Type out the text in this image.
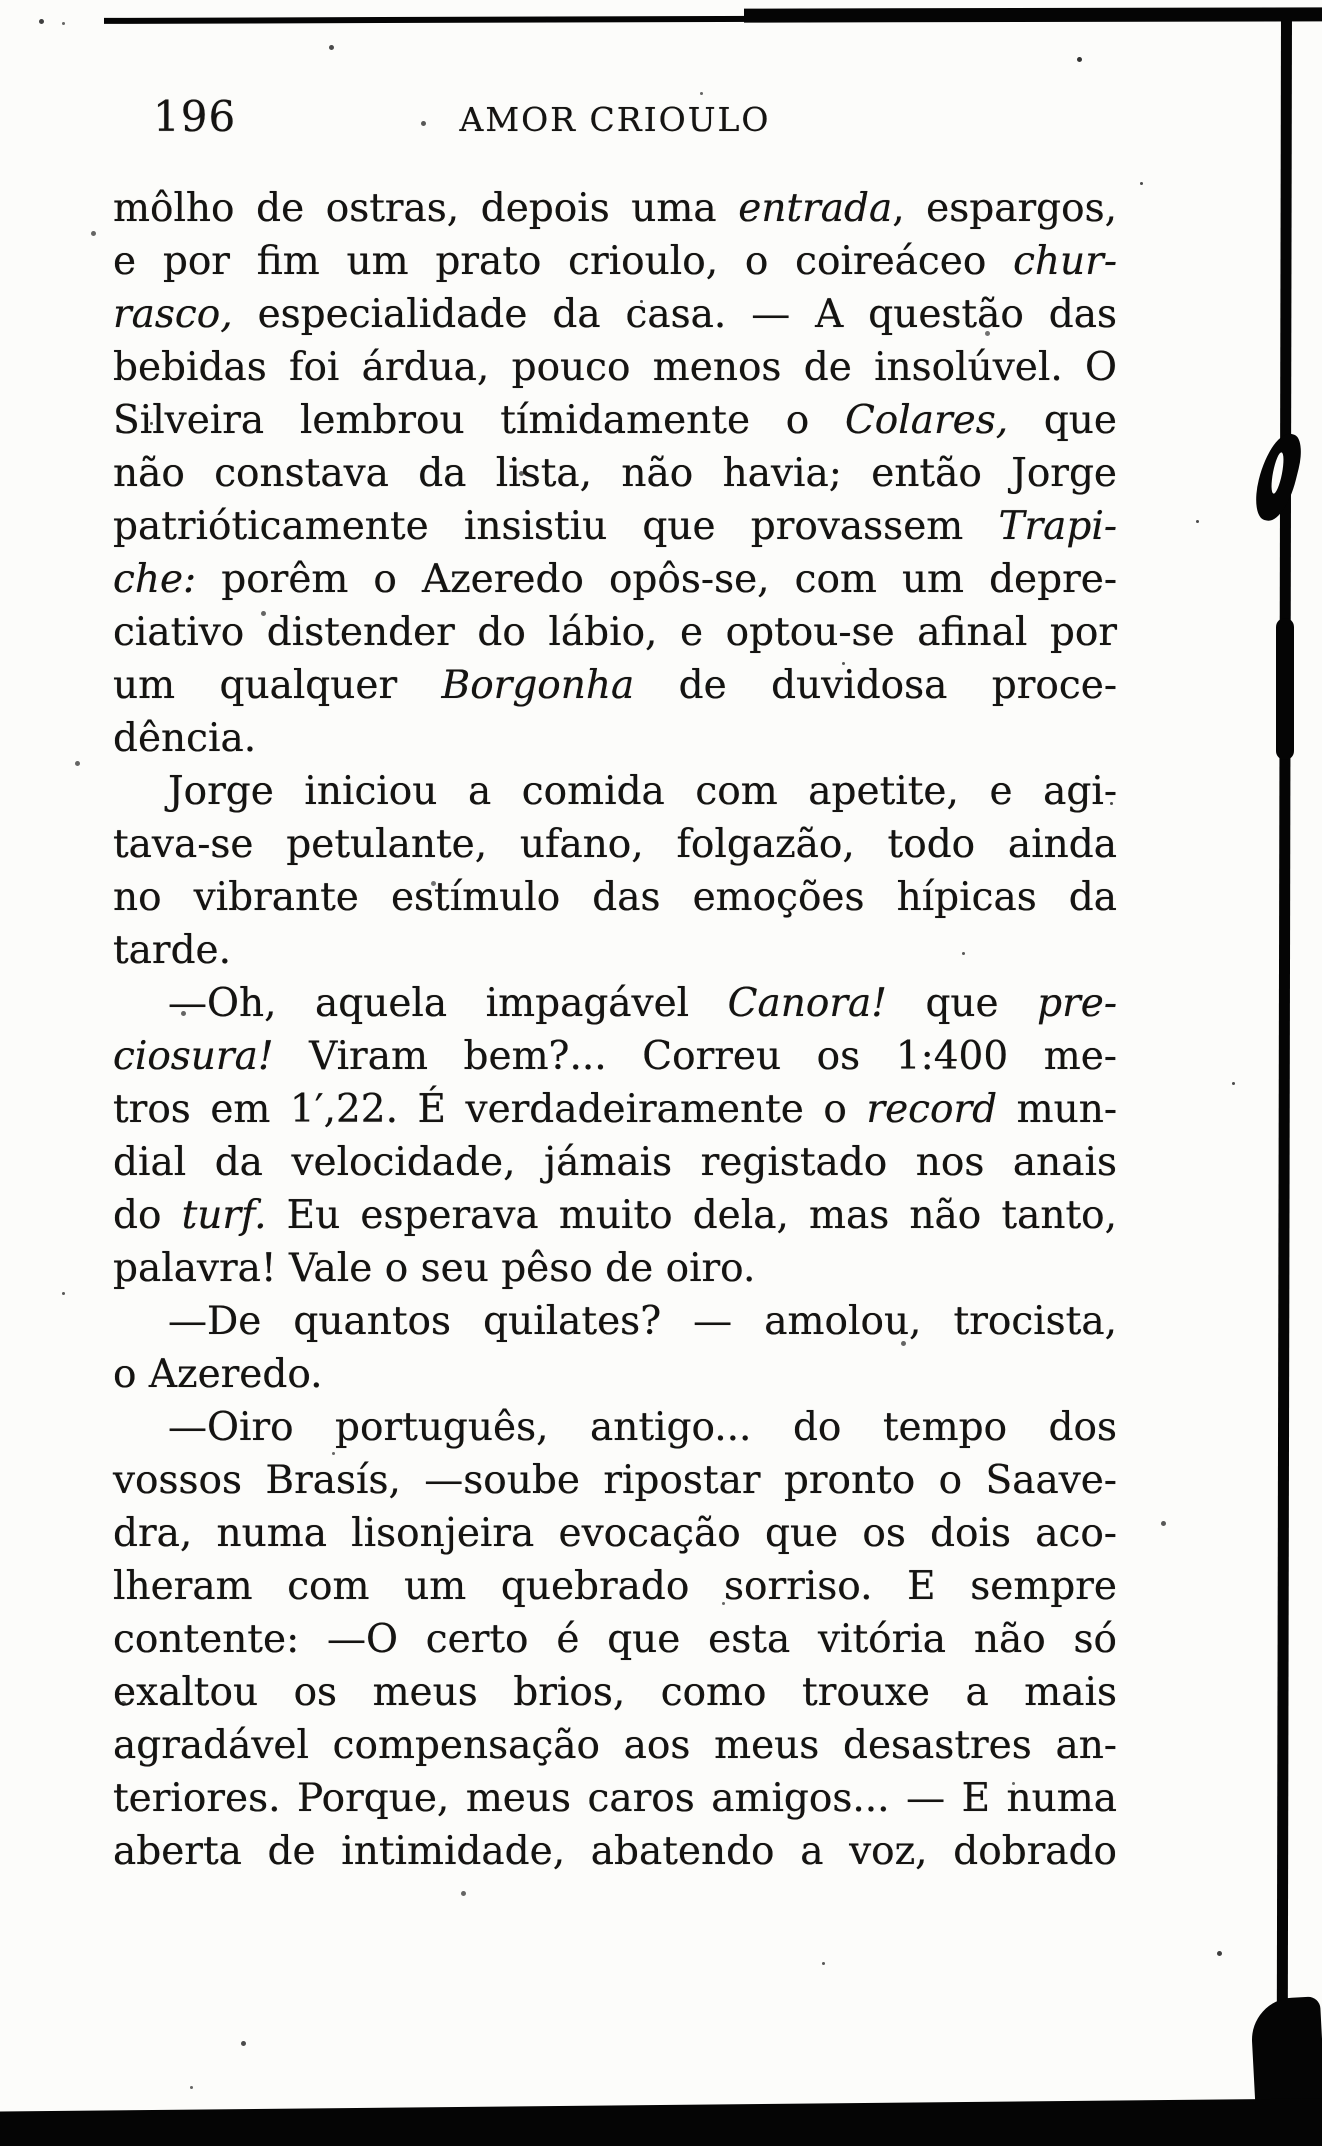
196	AMOR CRIOULO
môlho de ostras, depois uma entrada, espargos,
e por fim um prato crioulo, o coireáceo chur-
rasco, especialidade da casa. — A questão das
bebidas foi árdua, pouco menos de insolúvel. O
Silveira lembrou tímidamente o Colares, que
não constava da lista, não havia; então Jorge
patrióticamente insistiu que provassem Trapi-
che: porêm o Azeredo opôs-se, com um depre-
ciativo distender do lábio, e optou-se afinal por
um qualquer Borgonha de duvidosa proce-
dência.
Jorge iniciou a comida com apetite, e agi-
tava-se petulante, ufano, folgazão, todo ainda
no vibrante estímulo das emoções hípicas da
tarde.
—Oh, aquela impagável Canora! que pre-
ciosura! Viram bem?... Correu os 1:400 me-
tros em 1′,22. É verdadeiramente o record mun-
dial da velocidade, jámais registado nos anais
do turf. Eu esperava muito dela, mas não tanto,
palavra! Vale o seu pêso de oiro.
—De quantos quilates? — amolou, trocista,
o Azeredo.
—Oiro português, antigo... do tempo dos
vossos Brasís, —soube ripostar pronto o Saave-
dra, numa lisonjeira evocação que os dois aco-
lheram com um quebrado sorriso. E sempre
contente: —O certo é que esta vitória não só
exaltou os meus brios, como trouxe a mais
agradável compensação aos meus desastres an-
teriores. Porque, meus caros amigos... — E numa
aberta de intimidade, abatendo a voz, dobrado
